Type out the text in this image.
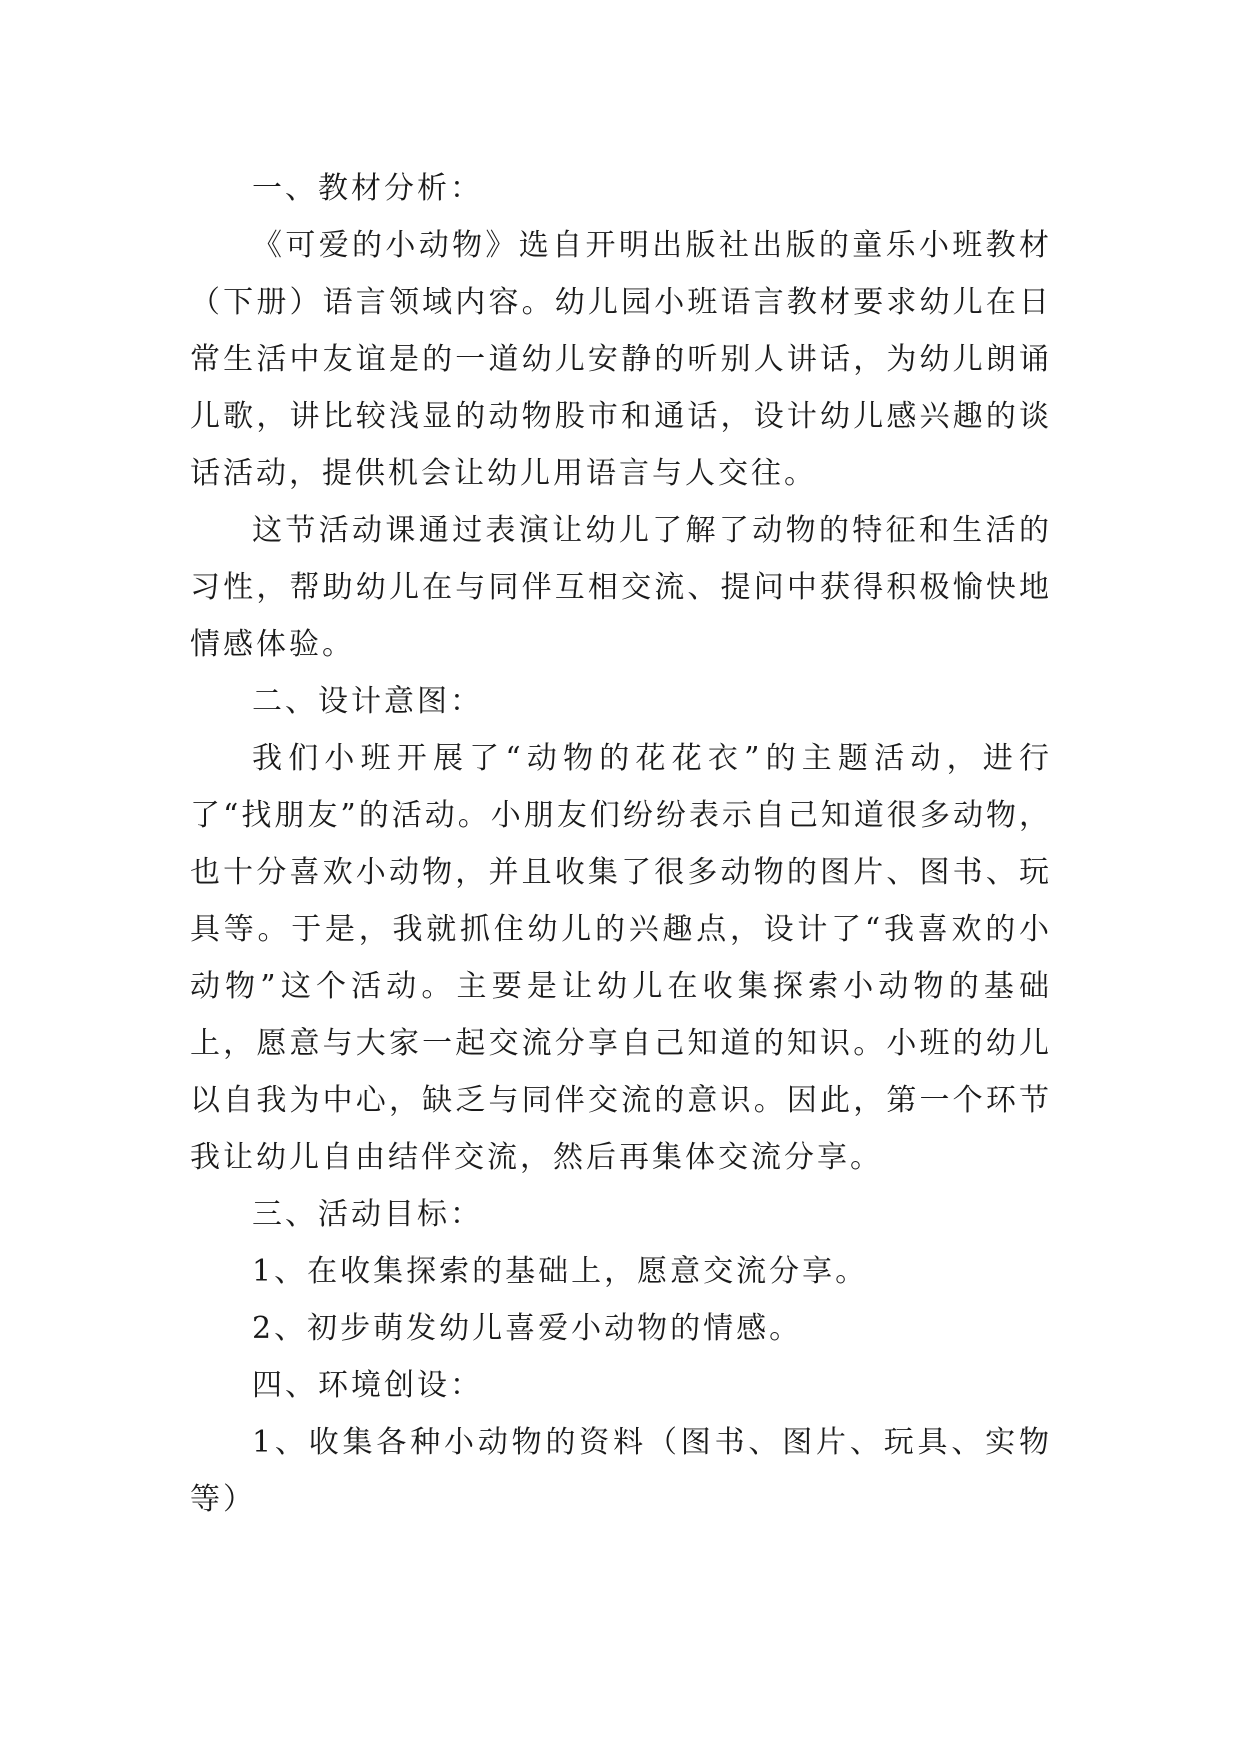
一、教材分析：

《可爱的小动物》选自开明出版社出版的童乐小班教材（下册）语言领域内容。幼儿园小班语言教材要求幼儿在日常生活中友谊是的一道幼儿安静的听别人讲话，为幼儿朗诵儿歌，讲比较浅显的动物股市和通话，设计幼儿感兴趣的谈话活动，提供机会让幼儿用语言与人交往。

这节活动课通过表演让幼儿了解了动物的特征和生活的习性，帮助幼儿在与同伴互相交流、提问中获得积极愉快地情感体验。

二、设计意图：

我们小班开展了“动物的花花衣”的主题活动，进行了“找朋友”的活动。小朋友们纷纷表示自己知道很多动物，也十分喜欢小动物，并且收集了很多动物的图片、图书、玩具等。于是，我就抓住幼儿的兴趣点，设计了“我喜欢的小动物”这个活动。主要是让幼儿在收集探索小动物的基础上，愿意与大家一起交流分享自己知道的知识。小班的幼儿以自我为中心，缺乏与同伴交流的意识。因此，第一个环节我让幼儿自由结伴交流，然后再集体交流分享。

三、活动目标：

1、在收集探索的基础上，愿意交流分享。

2、初步萌发幼儿喜爱小动物的情感。

四、环境创设：

1、收集各种小动物的资料（图书、图片、玩具、实物等）
